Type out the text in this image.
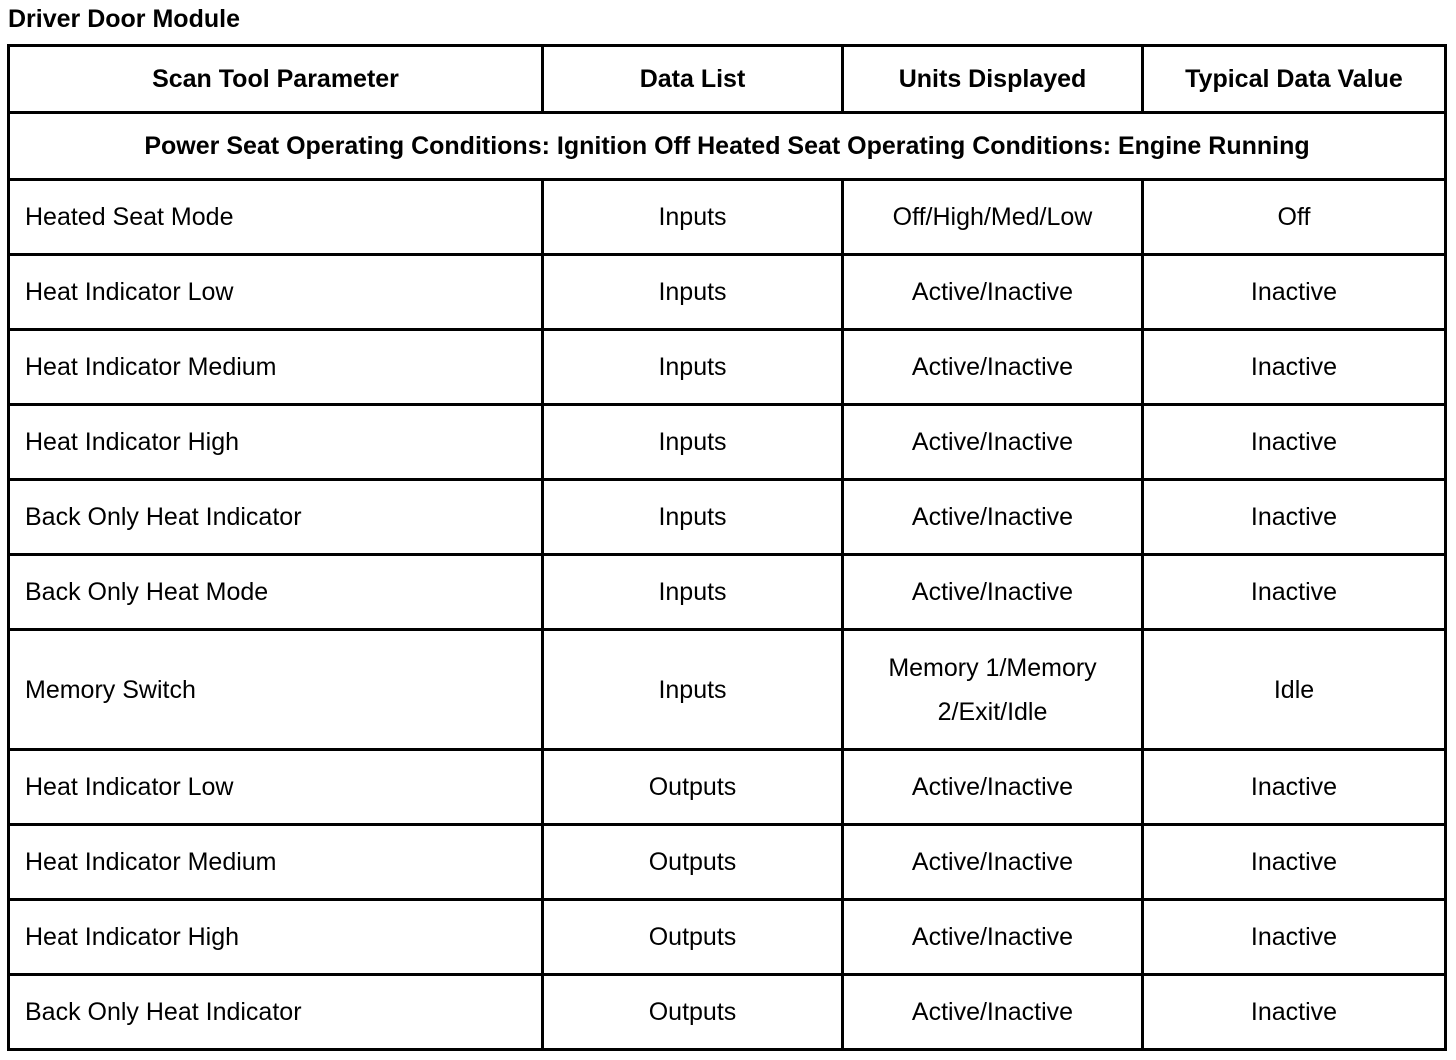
Driver Door Module
Scan Tool Parameter	Data List	Units Displayed	Typical Data Value
Power Seat Operating Conditions: Ignition Off Heated Seat Operating Conditions: Engine Running			
Heated Seat Mode	Inputs	Off/High/Med/Low	Off
Heat Indicator Low	Inputs	Active/Inactive	Inactive
Heat Indicator Medium	Inputs	Active/Inactive	Inactive
Heat Indicator High	Inputs	Active/Inactive	Inactive
Back Only Heat Indicator	Inputs	Active/Inactive	Inactive
Back Only Heat Mode	Inputs	Active/Inactive	Inactive
Memory Switch	Inputs	Memory 1/Memory 2/Exit/Idle	Idle
Heat Indicator Low	Outputs	Active/Inactive	Inactive
Heat Indicator Medium	Outputs	Active/Inactive	Inactive
Heat Indicator High	Outputs	Active/Inactive	Inactive
Back Only Heat Indicator	Outputs	Active/Inactive	Inactive
